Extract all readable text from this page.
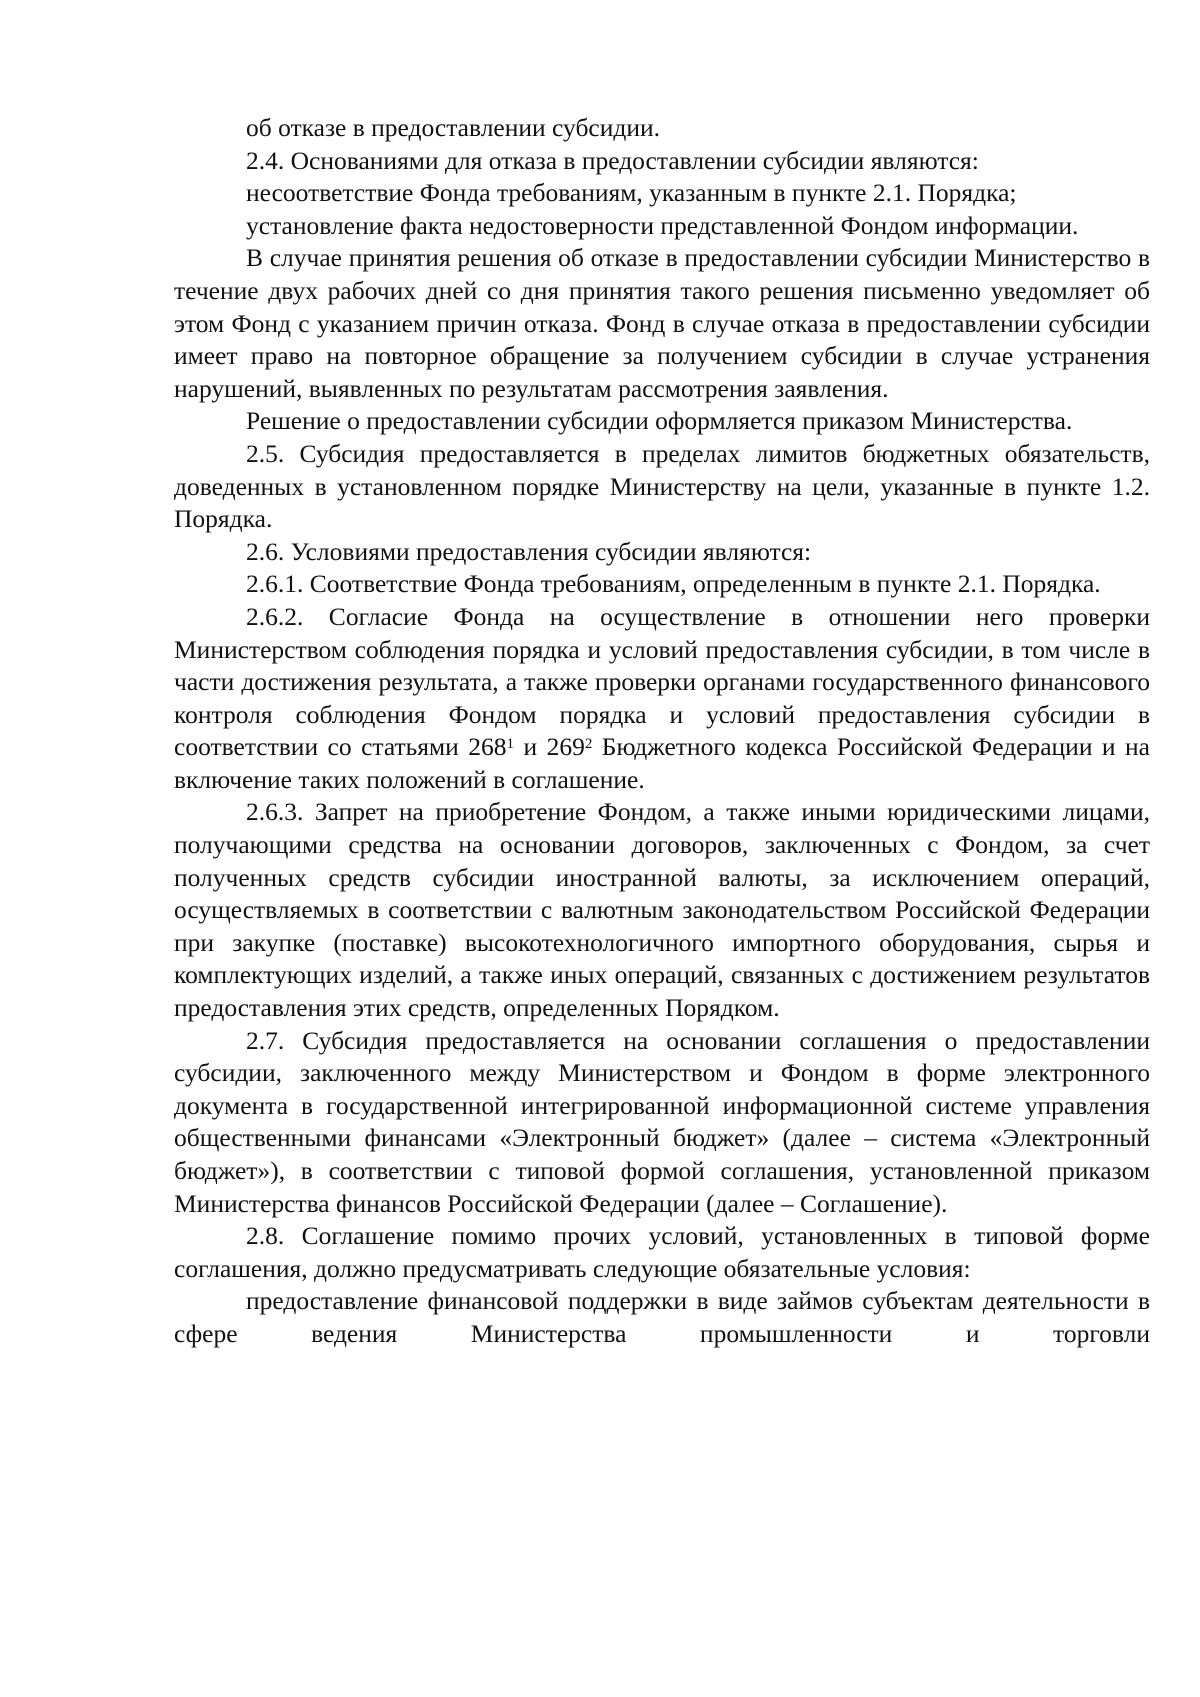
об отказе в предоставлении субсидии.

2.4. Основаниями для отказа в предоставлении субсидии являются:

несоответствие Фонда требованиям, указанным в пункте 2.1. Порядка;

установление факта недостоверности представленной Фондом информации.

В случае принятия решения об отказе в предоставлении субсидии Министерство в течение двух рабочих дней со дня принятия такого решения письменно уведомляет об этом Фонд с указанием причин отказа. Фонд в случае отказа в предоставлении субсидии имеет право на повторное обращение за получением субсидии в случае устранения нарушений, выявленных по результатам рассмотрения заявления.

Решение о предоставлении субсидии оформляется приказом Министерства.

2.5. Субсидия предоставляется в пределах лимитов бюджетных обязательств, доведенных в установленном порядке Министерству на цели, указанные в пункте 1.2. Порядка.

2.6. Условиями предоставления субсидии являются:

2.6.1. Соответствие Фонда требованиям, определенным в пункте 2.1. Порядка.

2.6.2. Согласие Фонда на осуществление в отношении него проверки Министерством соблюдения порядка и условий предоставления субсидии, в том числе в части достижения результата, а также проверки органами государственного финансового контроля соблюдения Фондом порядка и условий предоставления субсидии в соответствии со статьями $268^1$ и $269^2$ Бюджетного кодекса Российской Федерации и на включение таких положений в соглашение.

2.6.3. Запрет на приобретение Фондом, а также иными юридическими лицами, получающими средства на основании договоров, заключенных с Фондом, за счет полученных средств субсидии иностранной валюты, за исключением операций, осуществляемых в соответствии с валютным законодательством Российской Федерации при закупке (поставке) высокотехнологичного импортного оборудования, сырья и комплектующих изделий, а также иных операций, связанных с достижением результатов предоставления этих средств, определенных Порядком.

2.7. Субсидия предоставляется на основании соглашения о предоставлении субсидии, заключенного между Министерством и Фондом в форме электронного документа в государственной интегрированной информационной системе управления общественными финансами «Электронный бюджет» (далее – система «Электронный бюджет»), в соответствии с типовой формой соглашения, установленной приказом Министерства финансов Российской Федерации (далее – Соглашение).

2.8. Соглашение помимо прочих условий, установленных в типовой форме соглашения, должно предусматривать следующие обязательные условия:

предоставление финансовой поддержки в виде займов субъектам деятельности в сфере ведения Министерства промышленности и торговли
